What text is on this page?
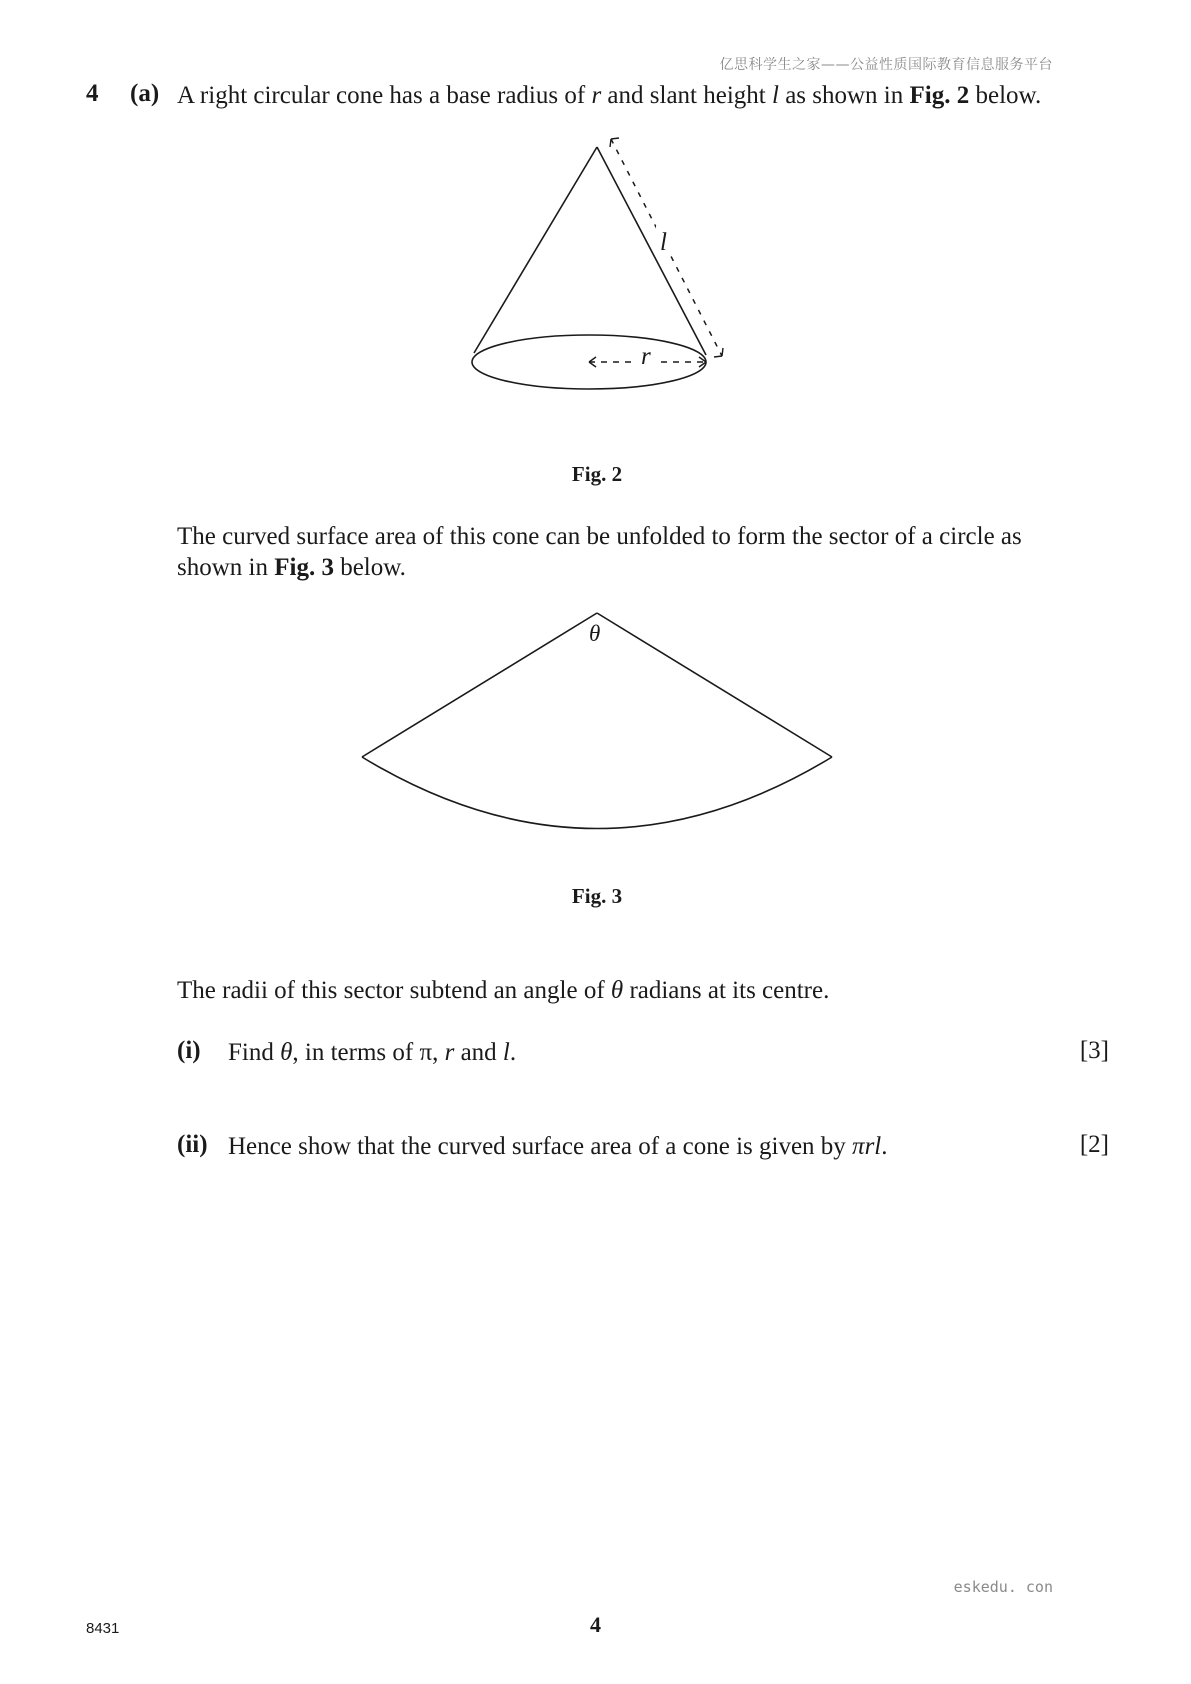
亿思科学生之家——公益性质国际教育信息服务平台
4 (a) A right circular cone has a base radius of r and slant height l as shown in Fig. 2 below.
l
r
θ
Fig. 2
The curved surface area of this cone can be unfolded to form the sector of a circle as
shown in Fig. 3 below.
Fig. 3
The radii of this sector subtend an angle of θ radians at its centre.
(i) Find θ, in terms of π, r and l.	[3]
(ii) Hence show that the curved surface area of a cone is given by πrl.	[2]
eskedu. con
8431	4
